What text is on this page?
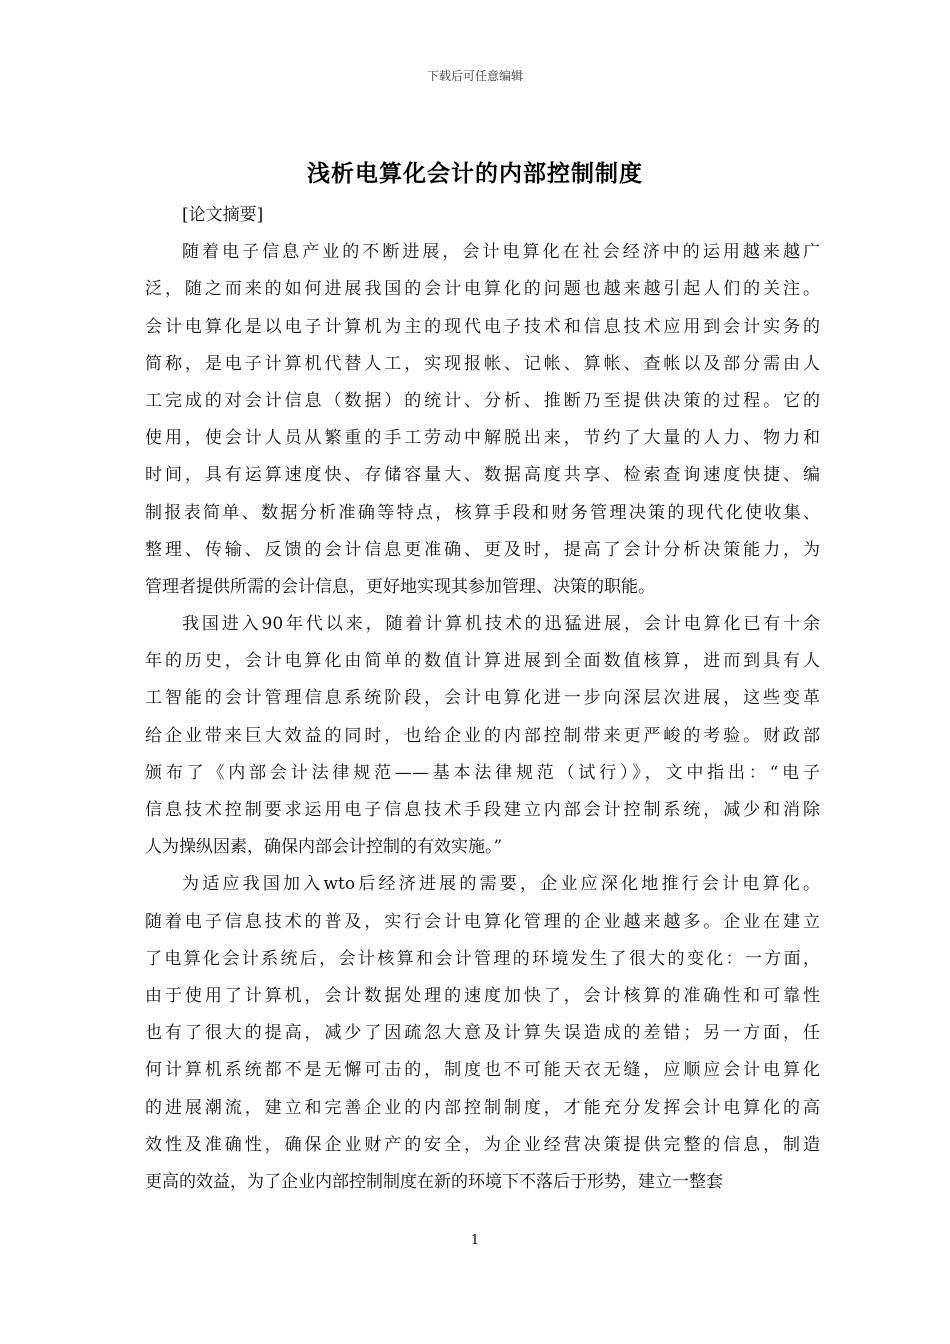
下载后可任意编辑
浅析电算化会计的内部控制制度
[论文摘要]
随着电子信息产业的不断进展，会计电算化在社会经济中的运用越来越广
泛，随之而来的如何进展我国的会计电算化的问题也越来越引起人们的关注。
会计电算化是以电子计算机为主的现代电子技术和信息技术应用到会计实务的
简称，是电子计算机代替人工，实现报帐、记帐、算帐、查帐以及部分需由人
工完成的对会计信息（数据）的统计、分析、推断乃至提供决策的过程。它的
使用，使会计人员从繁重的手工劳动中解脱出来，节约了大量的人力、物力和
时间，具有运算速度快、存储容量大、数据高度共享、检索查询速度快捷、编
制报表简单、数据分析准确等特点，核算手段和财务管理决策的现代化使收集、
整理、传输、反馈的会计信息更准确、更及时，提高了会计分析决策能力，为
管理者提供所需的会计信息，更好地实现其参加管理、决策的职能。
我国进入90年代以来，随着计算机技术的迅猛进展，会计电算化已有十余
年的历史，会计电算化由简单的数值计算进展到全面数值核算，进而到具有人
工智能的会计管理信息系统阶段，会计电算化进一步向深层次进展，这些变革
给企业带来巨大效益的同时，也给企业的内部控制带来更严峻的考验。财政部
颁布了《内部会计法律规范——基本法律规范（试行）》，文中指出：“电子
信息技术控制要求运用电子信息技术手段建立内部会计控制系统，减少和消除
人为操纵因素，确保内部会计控制的有效实施。”
为适应我国加入wto后经济进展的需要，企业应深化地推行会计电算化。
随着电子信息技术的普及，实行会计电算化管理的企业越来越多。企业在建立
了电算化会计系统后，会计核算和会计管理的环境发生了很大的变化：一方面，
由于使用了计算机，会计数据处理的速度加快了，会计核算的准确性和可靠性
也有了很大的提高，减少了因疏忽大意及计算失误造成的差错；另一方面，任
何计算机系统都不是无懈可击的，制度也不可能天衣无缝，应顺应会计电算化
的进展潮流，建立和完善企业的内部控制制度，才能充分发挥会计电算化的高
效性及准确性，确保企业财产的安全，为企业经营决策提供完整的信息，制造
更高的效益，为了企业内部控制制度在新的环境下不落后于形势，建立一整套
1
